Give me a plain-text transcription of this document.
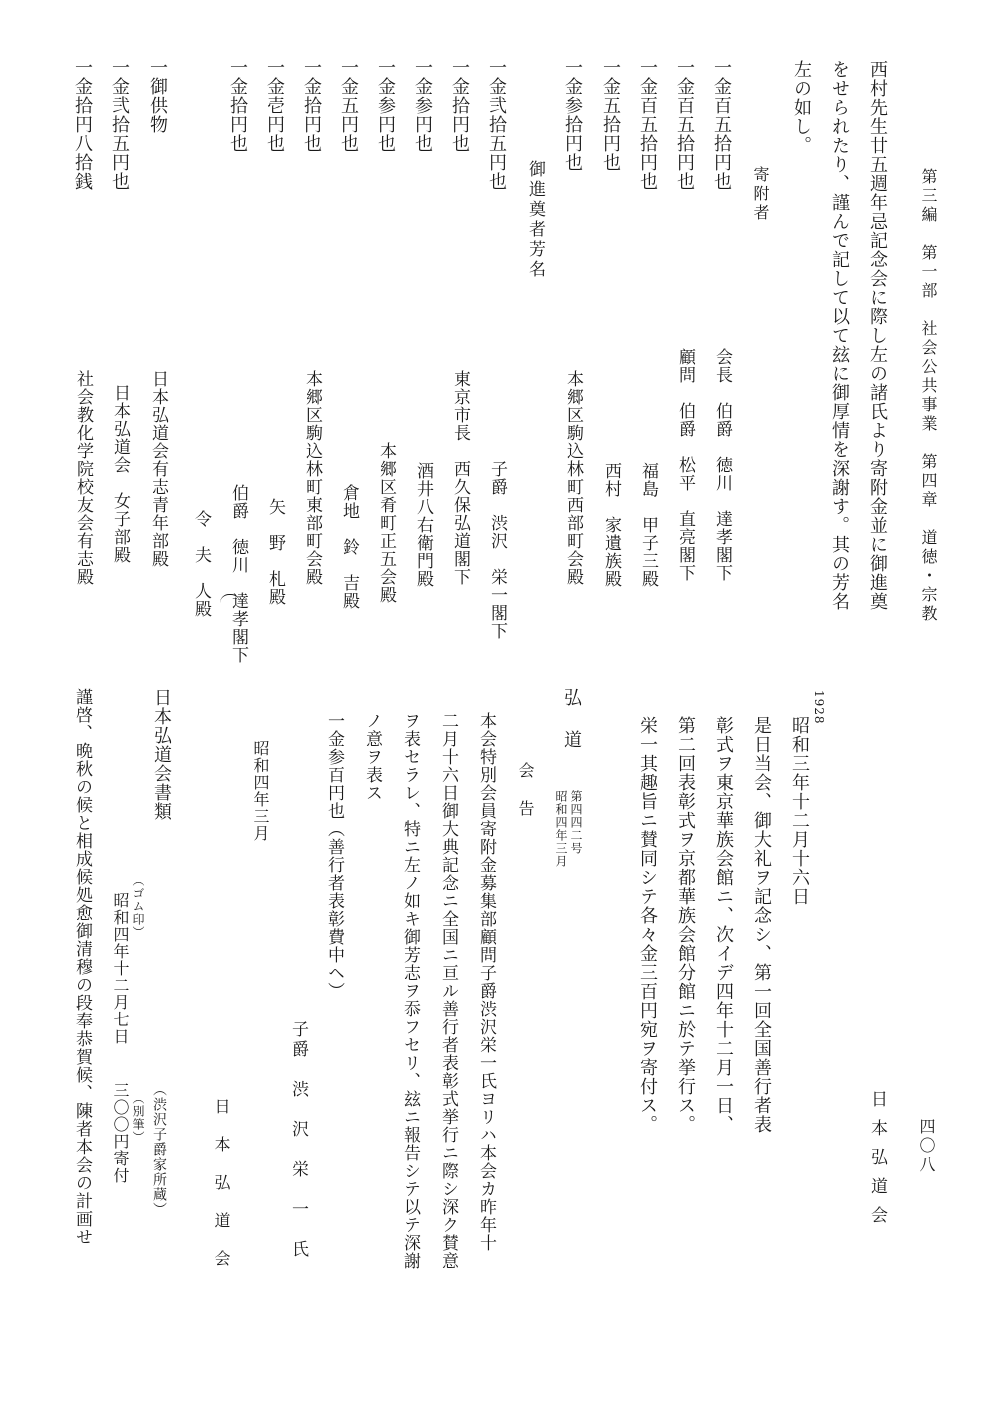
第三編　第一部　社会公共事業　第四章　道徳・宗教
西村先生廿五週年忌記念会に際し左の諸氏より寄附金並に御進奠
をせられたり、謹んで記して以て玆に御厚情を深謝す。其の芳名
左の如し。
寄附者
一金百五拾円也
会長　伯爵　徳川　達孝閣下
一金百五拾円也
顧問　伯爵　松平　直亮閣下
一金百五拾円也
福島　甲子三殿
一金五拾円也
西村　家遺族殿
一金参拾円也
本郷区駒込林町西部町会殿
御進奠者芳名
一金弐拾五円也
子爵　渋沢　栄一閣下
一金拾円也
東京市長　西久保弘道閣下
一金参円也
酒井八右衛門殿
一金参円也
本郷区肴町正五会殿
一金五円也
倉地　鈴　吉殿
一金拾円也
本郷区駒込林町東部町会殿
一金壱円也
矢　野　札殿
一金拾円也
伯爵　徳川　達孝閣下
令　夫　人殿
一御供物
日本弘道会有志青年部殿
一金弐拾五円也
日本弘道会　女子部殿
一金拾円八拾銭
社会教化学院校友会有志殿
四〇八
日本弘道会
1928
昭和三年十二月十六日
是日当会、御大礼ヲ記念シ、第一回全国善行者表
彰式ヲ東京華族会館ニ、次イデ四年十二月一日、
第二回表彰式ヲ京都華族会館分館ニ於テ挙行ス。
栄一其趣旨ニ賛同シテ各々金三百円宛ヲ寄付ス。
弘　道
第四四二号
昭和四年三月
会　告
本会特別会員寄附金募集部顧問子爵渋沢栄一氏ヨリハ本会カ昨年十
二月十六日御大典記念ニ全国ニ亘ル善行者表彰式挙行ニ際シ深ク賛意
ヲ表セラレ、特ニ左ノ如キ御芳志ヲ忝フセリ、玆ニ報告シテ以テ深謝
ノ意ヲ表ス
一金参百円也（善行者表彰費中ヘ）
子爵　渋　沢　栄　一　氏
昭和四年三月
日　本　弘　道　会
日本弘道会書類
（ゴム印）
昭和四年十二月七日
（別筆）
三〇〇円寄付 （渋沢子爵家所蔵）
謹啓、晩秋の候と相成候処愈御清穆の段奉恭賀候、陳者本会の計画せ
